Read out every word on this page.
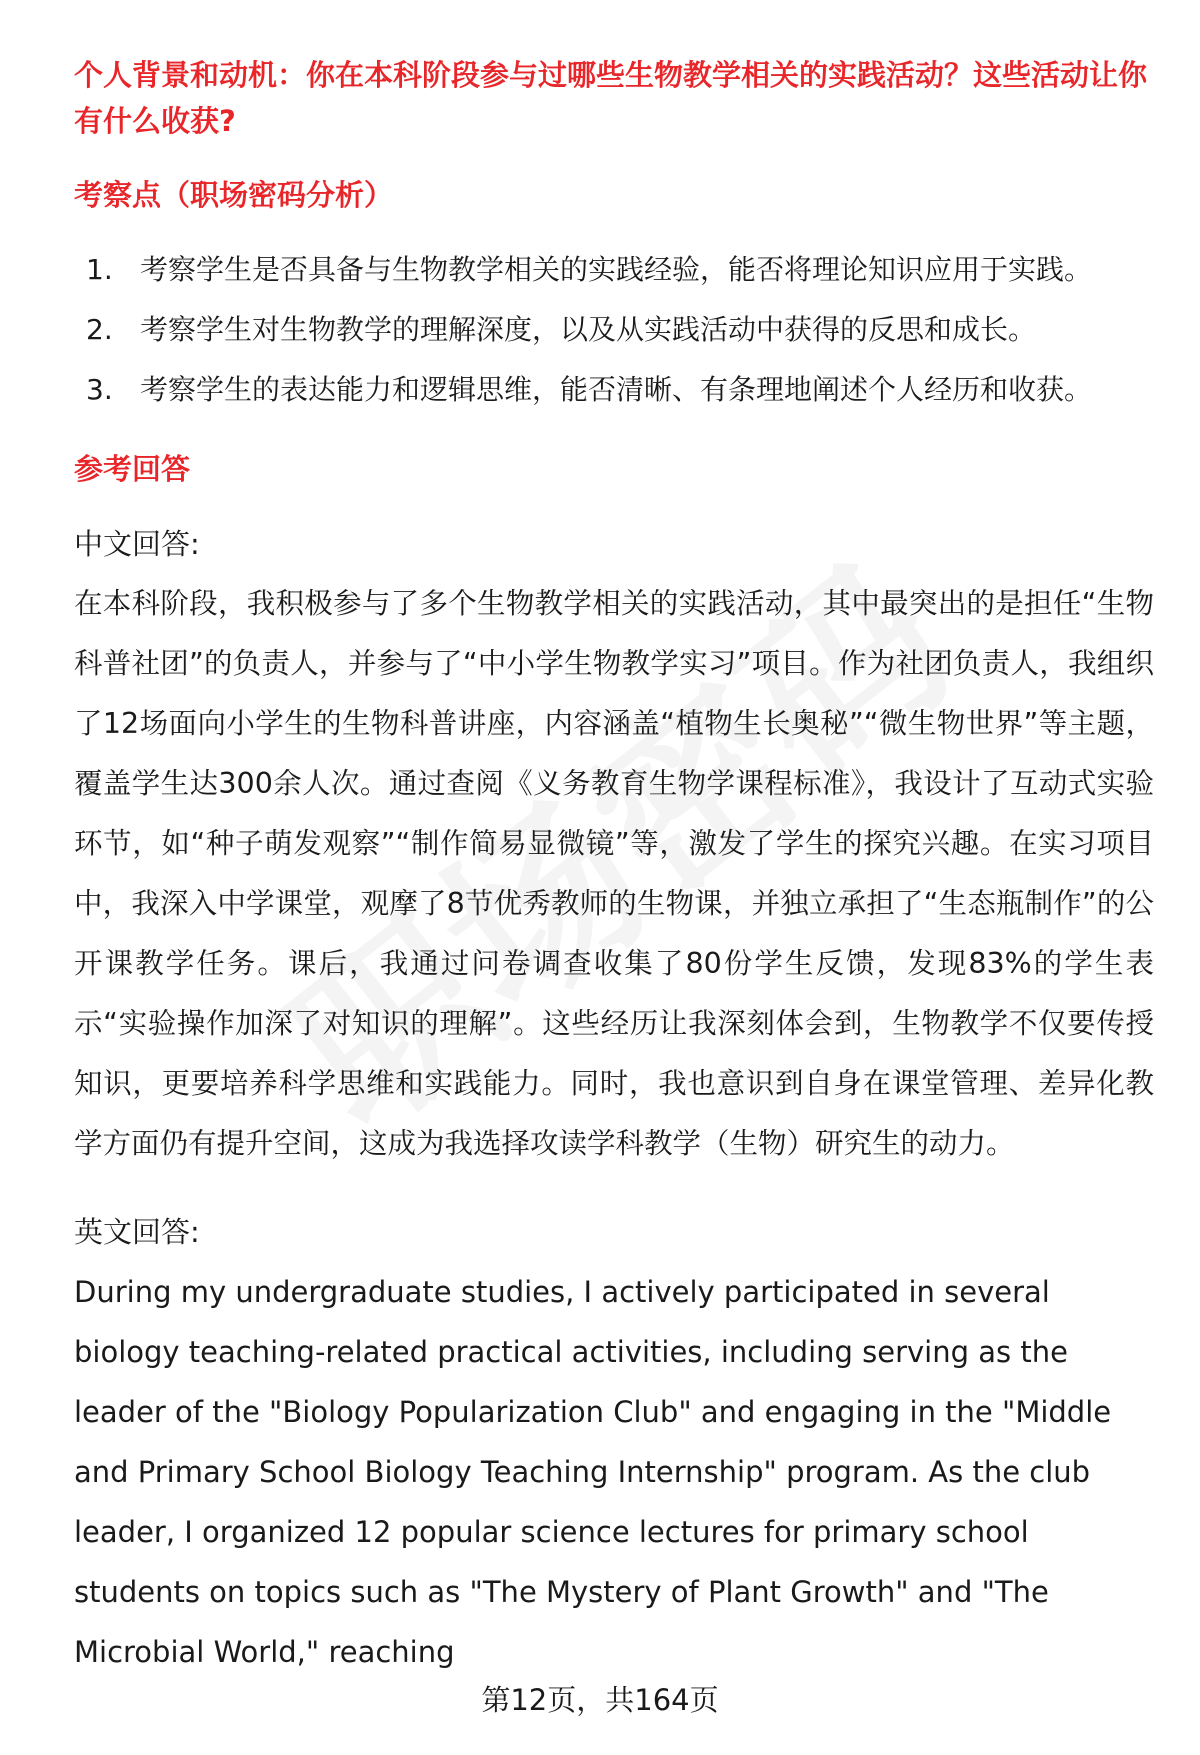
个人背景和动机：你在本科阶段参与过哪些生物教学相关的实践活动？这些活动让你有什么收获?
考察点（职场密码分析）
1. 考察学生是否具备与生物教学相关的实践经验，能否将理论知识应用于实践。
2. 考察学生对生物教学的理解深度，以及从实践活动中获得的反思和成长。
3. 考察学生的表达能力和逻辑思维，能否清晰、有条理地阐述个人经历和收获。
参考回答

中文回答:

在本科阶段，我积极参与了多个生物教学相关的实践活动，其中最突出的是担任“生物科普社团”的负责人，并参与了“中小学生物教学实习”项目。作为社团负责人，我组织了12场面向小学生的生物科普讲座，内容涵盖“植物生长奥秘”“微生物世界”等主题，覆盖学生达300余人次。通过查阅《义务教育生物学课程标准》，我设计了互动式实验环节，如“种子萌发观察”“制作简易显微镜”等，激发了学生的探究兴趣。在实习项目中，我深入中学课堂，观摩了8节优秀教师的生物课，并独立承担了“生态瓶制作”的公开课教学任务。课后，我通过问卷调查收集了80份学生反馈，发现83%的学生表示“实验操作加深了对知识的理解”。这些经历让我深刻体会到，生物教学不仅要传授知识，更要培养科学思维和实践能力。同时，我也意识到自身在课堂管理、差异化教学方面仍有提升空间，这成为我选择攻读学科教学（生物）研究生的动力。

英文回答:

During my undergraduate studies, I actively participated in several biology teaching-related practical activities, including serving as the leader of the "Biology Popularization Club" and engaging in the "Middle and Primary School Biology Teaching Internship" program. As the club leader, I organized 12 popular science lectures for primary school students on topics such as "The Mystery of Plant Growth" and "The Microbial World," reaching

第12页，共164页
